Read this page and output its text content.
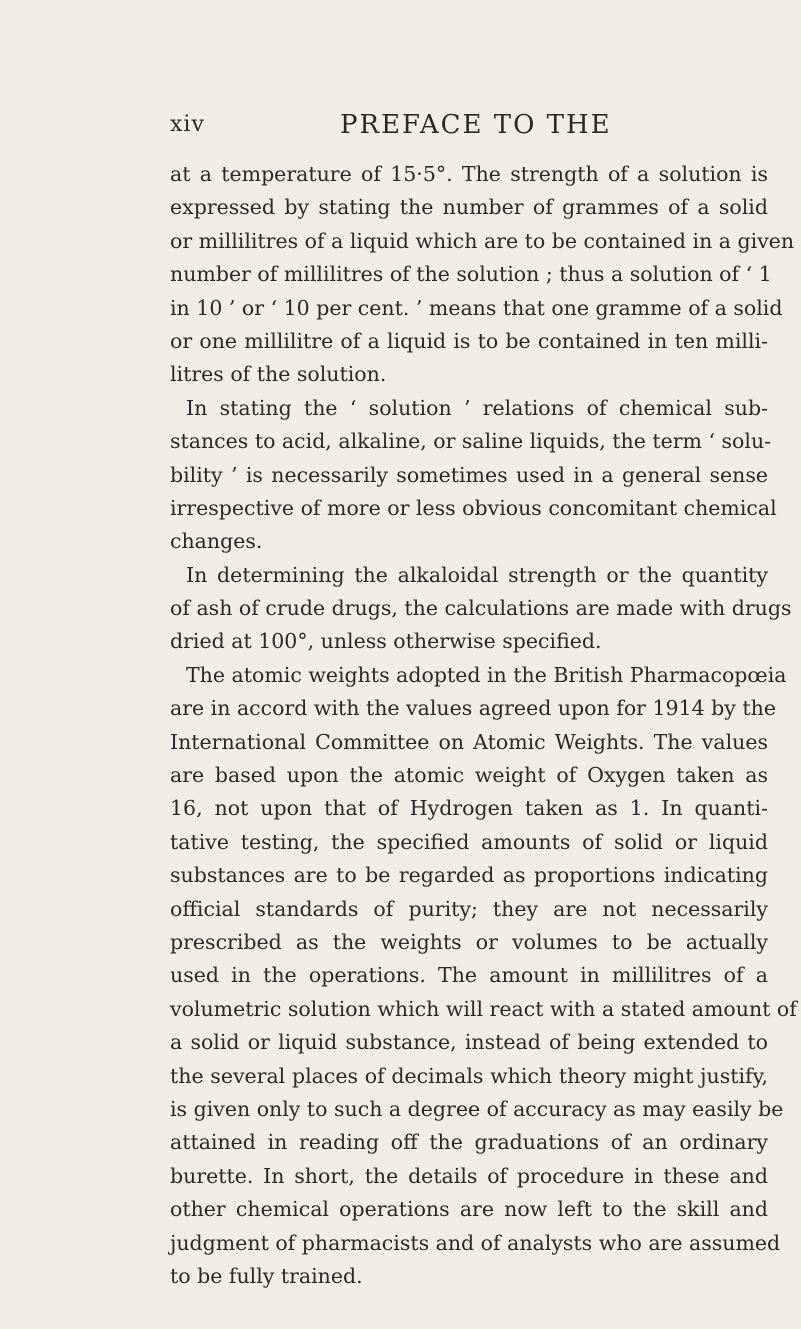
xiv	PREFACE TO THE
at a temperature of 15·5°. The strength of a solution is
expressed by stating the number of grammes of a solid
or millilitres of a liquid which are to be contained in a given
number of millilitres of the solution ; thus a solution of ‘ 1
in 10 ’ or ‘ 10 per cent. ’ means that one gramme of a solid
or one millilitre of a liquid is to be contained in ten milli-
litres of the solution.
In stating the ‘ solution ’ relations of chemical sub-
stances to acid, alkaline, or saline liquids, the term ‘ solu-
bility ’ is necessarily sometimes used in a general sense
irrespective of more or less obvious concomitant chemical
changes.
In determining the alkaloidal strength or the quantity
of ash of crude drugs, the calculations are made with drugs
dried at 100°, unless otherwise specified.
The atomic weights adopted in the British Pharmacopœia
are in accord with the values agreed upon for 1914 by the
International Committee on Atomic Weights. The values
are based upon the atomic weight of Oxygen taken as
16, not upon that of Hydrogen taken as 1. In quanti-
tative testing, the specified amounts of solid or liquid
substances are to be regarded as proportions indicating
official standards of purity; they are not necessarily
prescribed as the weights or volumes to be actually
used in the operations. The amount in millilitres of a
volumetric solution which will react with a stated amount of
a solid or liquid substance, instead of being extended to
the several places of decimals which theory might justify,
is given only to such a degree of accuracy as may easily be
attained in reading off the graduations of an ordinary
burette. In short, the details of procedure in these and
other chemical operations are now left to the skill and
judgment of pharmacists and of analysts who are assumed
to be fully trained.
